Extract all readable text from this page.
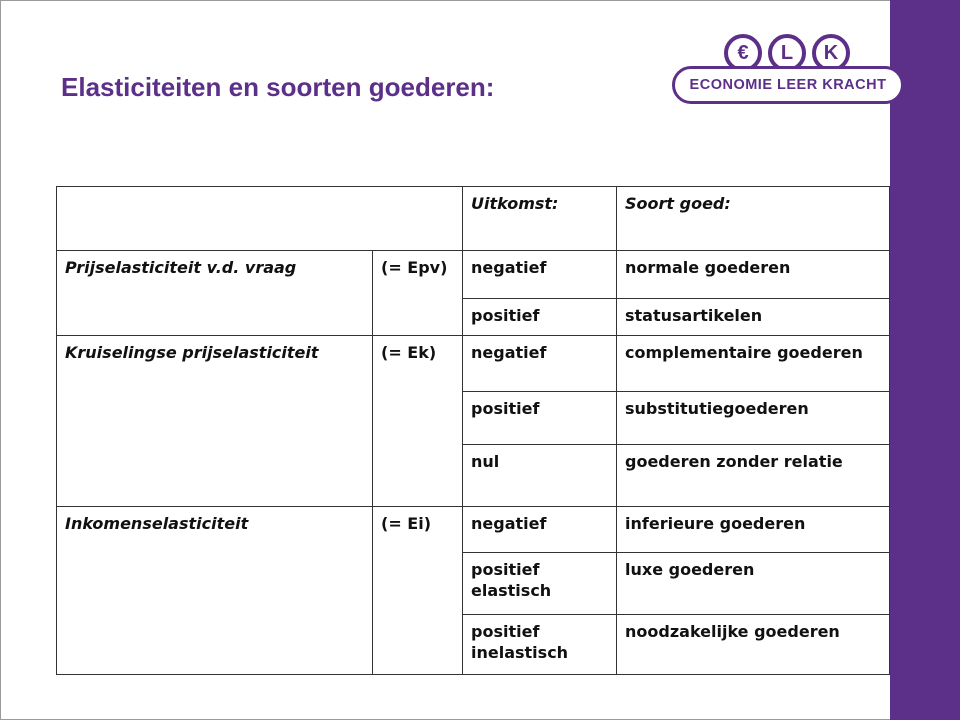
Elasticiteiten en soorten goederen:
€	L	K
ECONOMIE LEER KRACHT
		Uitkomst:	Soort goed:
Prijselasticiteit v.d. vraag	(= Epv)	negatief	normale goederen
		positief	statusartikelen
Kruiselingse prijselasticiteit	(= Ek)	negatief	complementaire goederen
		positief	substitutiegoederen
		nul	goederen zonder relatie
Inkomenselasticiteit	(= Ei)	negatief	inferieure goederen
		positief elastisch	luxe goederen
		positief inelastisch	noodzakelijke goederen
